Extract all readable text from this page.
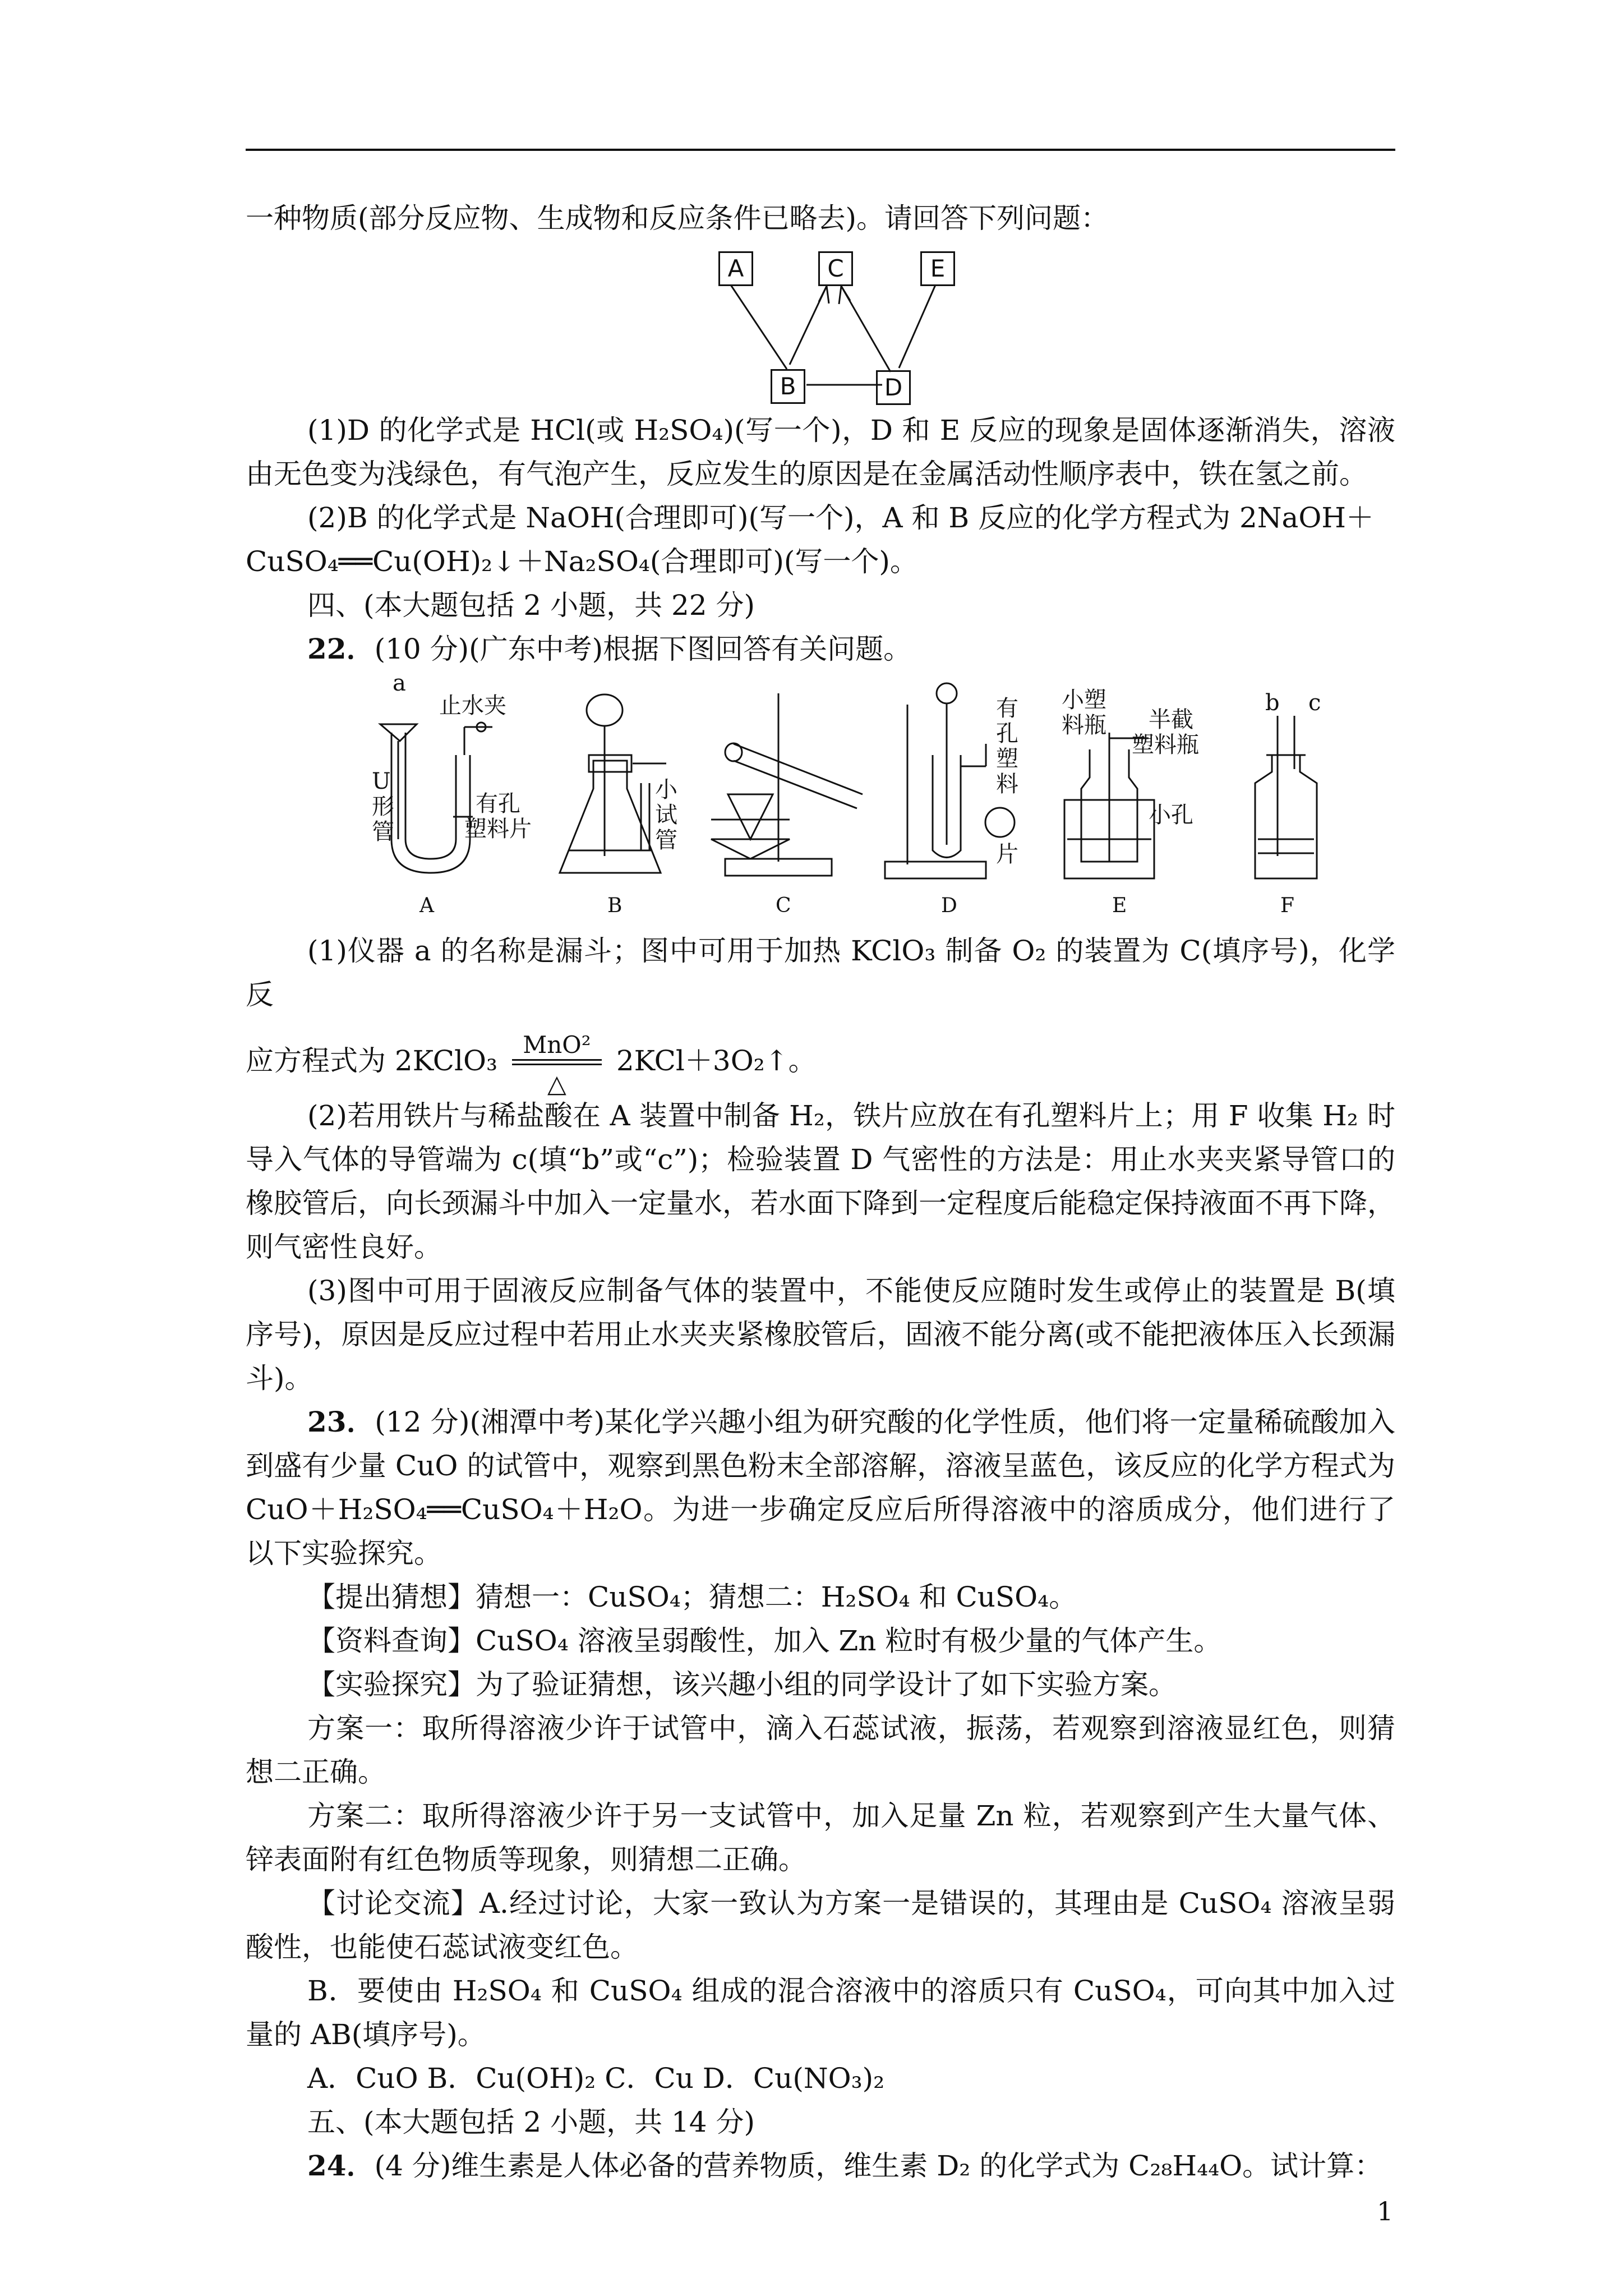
一种物质(部分反应物、生成物和反应条件已略去)。请回答下列问题：

A	C	E
B	D

(1)D 的化学式是 HCl(或 H₂SO₄)(写一个)，D 和 E 反应的现象是固体逐渐消失，溶液由无色变为浅绿色，有气泡产生，反应发生的原因是在金属活动性顺序表中，铁在氢之前。

(2)B 的化学式是 NaOH(合理即可)(写一个)，A 和 B 反应的化学方程式为 2NaOH＋

CuSO₄══Cu(OH)₂↓＋Na₂SO₄(合理即可)(写一个)。

四、(本大题包括 2 小题，共 22 分)

22．(10 分)(广东中考)根据下图回答有关问题。

a
止水夹
U
形
管
有孔
塑料片
小
试
管
有
孔
塑
料
片
小塑
料瓶 半截
塑料瓶
小孔
b c
A	B	C	D	E	F

(1)仪器 a 的名称是漏斗；图中可用于加热 KClO₃ 制备 O₂ 的装置为 C(填序号)，化学反

应方程式为 2KClO₃	MnO²
△
2KCl＋3O₂↑。

(2)若用铁片与稀盐酸在 A 装置中制备 H₂，铁片应放在有孔塑料片上；用 F 收集 H₂ 时导入气体的导管端为 c(填“b”或“c”)；检验装置 D 气密性的方法是：用止水夹夹紧导管口的橡胶管后，向长颈漏斗中加入一定量水，若水面下降到一定程度后能稳定保持液面不再下降，则气密性良好。

(3)图中可用于固液反应制备气体的装置中，不能使反应随时发生或停止的装置是 B(填序号)，原因是反应过程中若用止水夹夹紧橡胶管后，固液不能分离(或不能把液体压入长颈漏斗)。

23．(12 分)(湘潭中考)某化学兴趣小组为研究酸的化学性质，他们将一定量稀硫酸加入到盛有少量 CuO 的试管中，观察到黑色粉末全部溶解，溶液呈蓝色，该反应的化学方程式为 CuO＋H₂SO₄══CuSO₄＋H₂O。为进一步确定反应后所得溶液中的溶质成分，他们进行了以下实验探究。

【提出猜想】猜想一：CuSO₄；猜想二：H₂SO₄ 和 CuSO₄。

【资料查询】CuSO₄ 溶液呈弱酸性，加入 Zn 粒时有极少量的气体产生。

【实验探究】为了验证猜想，该兴趣小组的同学设计了如下实验方案。

方案一：取所得溶液少许于试管中，滴入石蕊试液，振荡，若观察到溶液显红色，则猜想二正确。

方案二：取所得溶液少许于另一支试管中，加入足量 Zn 粒，若观察到产生大量气体、锌表面附有红色物质等现象，则猜想二正确。

【讨论交流】A.经过讨论，大家一致认为方案一是错误的，其理由是 CuSO₄ 溶液呈弱酸性，也能使石蕊试液变红色。

B．要使由 H₂SO₄ 和 CuSO₄ 组成的混合溶液中的溶质只有 CuSO₄，可向其中加入过量的 AB(填序号)。

A．CuO B．Cu(OH)₂ C．Cu D．Cu(NO₃)₂

五、(本大题包括 2 小题，共 14 分)

24．(4 分)维生素是人体必备的营养物质，维生素 D₂ 的化学式为 C₂₈H₄₄O。试计算：

1
